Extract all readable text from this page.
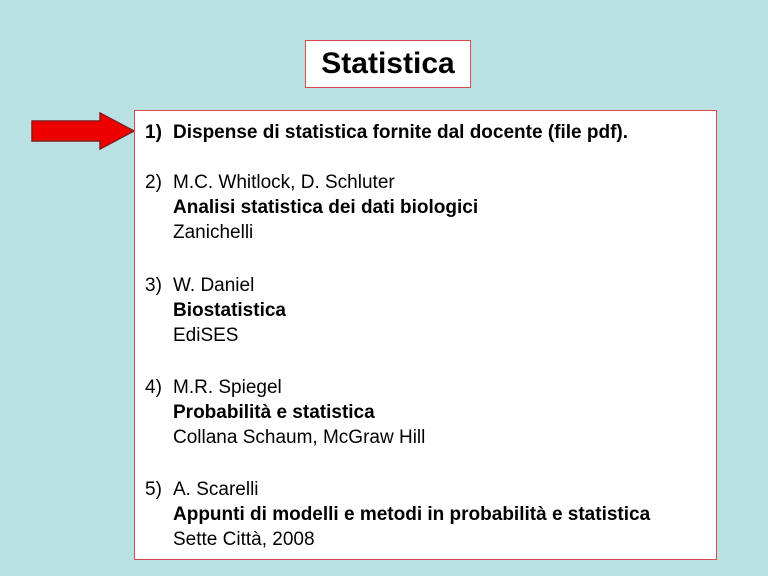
Statistica
1) Dispense di statistica fornite dal docente (file pdf).
2) M.C. Whitlock, D. Schluter
Analisi statistica dei dati biologici
Zanichelli
3) W. Daniel
Biostatistica
EdiSES
4) M.R. Spiegel
Probabilità e statistica
Collana Schaum, McGraw Hill
5) A. Scarelli
Appunti di modelli e metodi in probabilità e statistica
Sette Città, 2008
